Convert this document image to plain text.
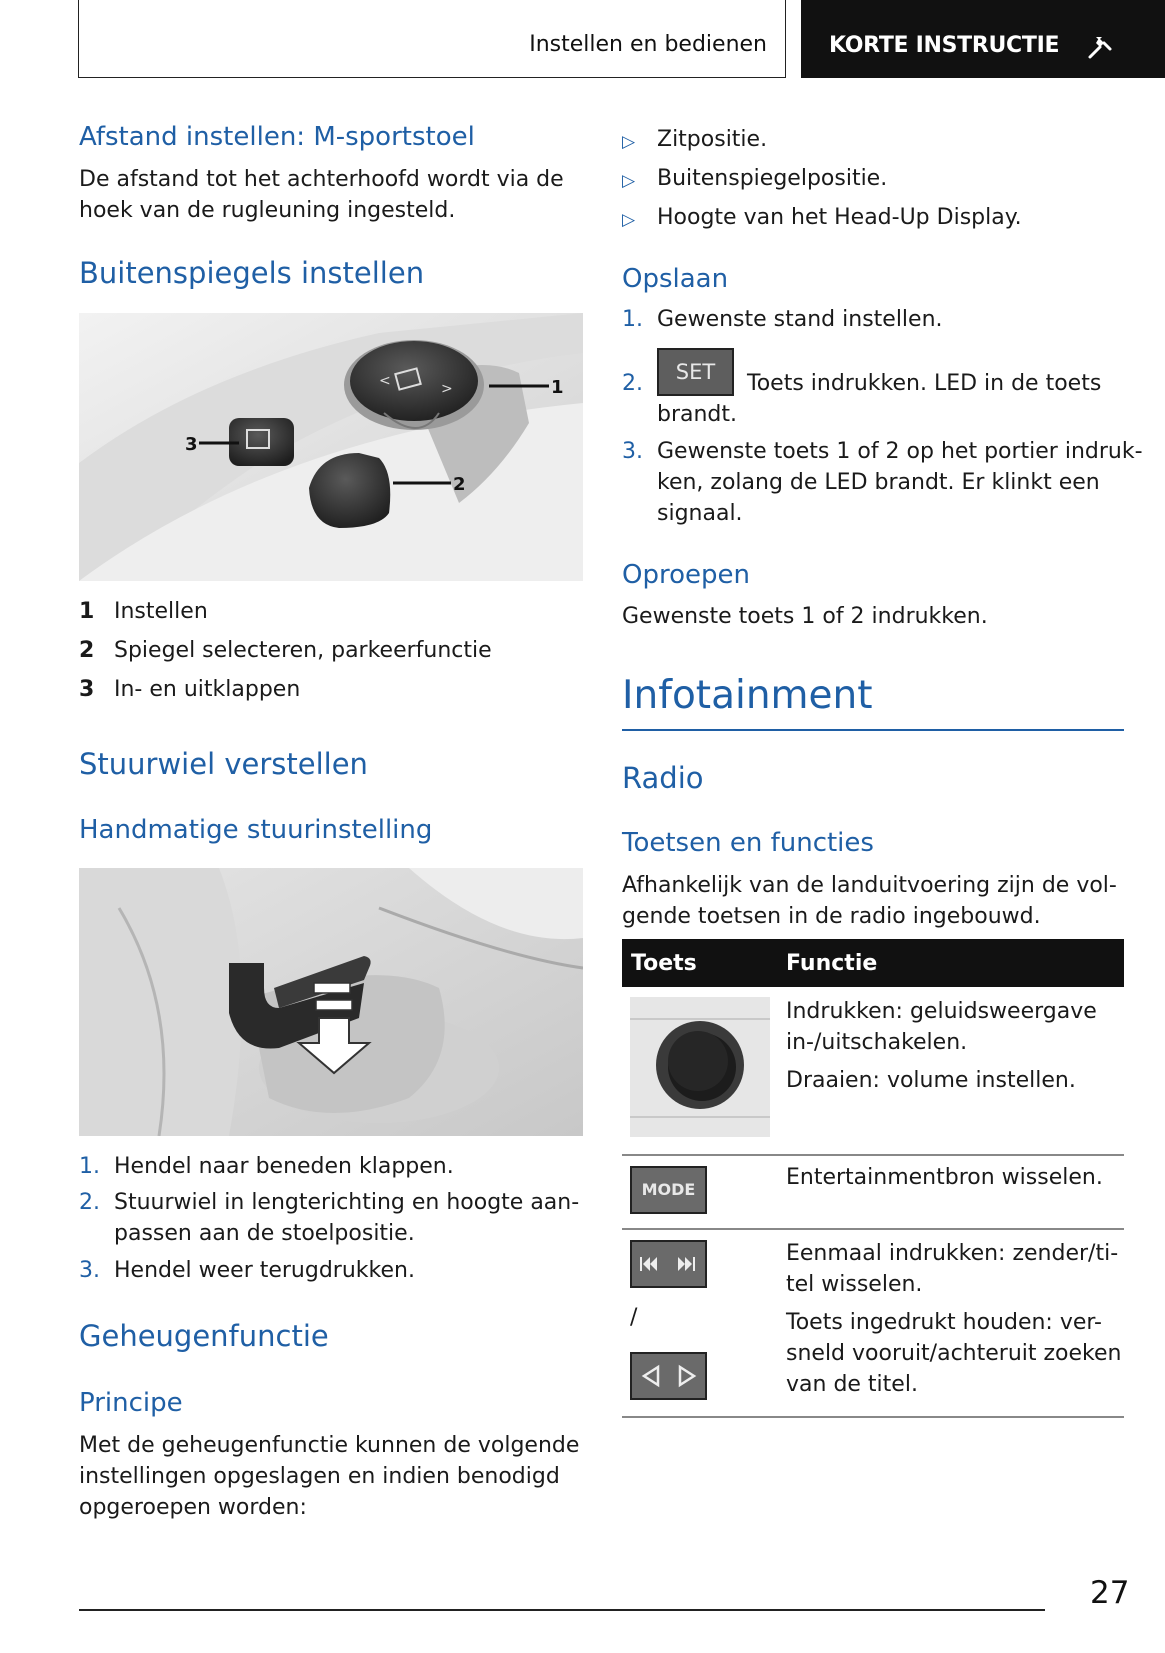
Instellen en bedienen	KORTE INSTRUCTIE
Afstand instellen: M-sportstoel
De afstand tot het achterhoofd wordt via de
hoek van de rugleuning ingesteld.
Buitenspiegels instellen
<	>	1
2
3
1 Instellen
2 Spiegel selecteren, parkeerfunctie
3 In- en uitklappen
Stuurwiel verstellen
Handmatige stuurinstelling
1. Hendel naar beneden klappen.
2. Stuurwiel in lengterichting en hoogte aan-
passen aan de stoelpositie.
3. Hendel weer terugdrukken.
Geheugenfunctie
Principe
Met de geheugenfunctie kunnen de volgende
instellingen opgeslagen en indien benodigd
opgeroepen worden:
▷ Zitpositie.
▷ Buitenspiegelpositie.
▷ Hoogte van het Head-Up Display.
Opslaan
1. Gewenste stand instellen.
2.	SET	Toets indrukken. LED in de toets
brandt.
3. Gewenste toets 1 of 2 op het portier indruk-
ken, zolang de LED brandt. Er klinkt een
signaal.
Oproepen
Gewenste toets 1 of 2 indrukken.
Infotainment
Radio
Toetsen en functies
Afhankelijk van de landuitvoering zijn de vol-
gende toetsen in de radio ingebouwd.
Toets	Functie
Indrukken: geluidsweergave
in-/uitschakelen.
Draaien: volume instellen.
MODE	Entertainmentbron wisselen.
/
Eenmaal indrukken: zender/ti-
tel wisselen.
Toets ingedrukt houden: ver-
sneld vooruit/achteruit zoeken
van de titel.
27
